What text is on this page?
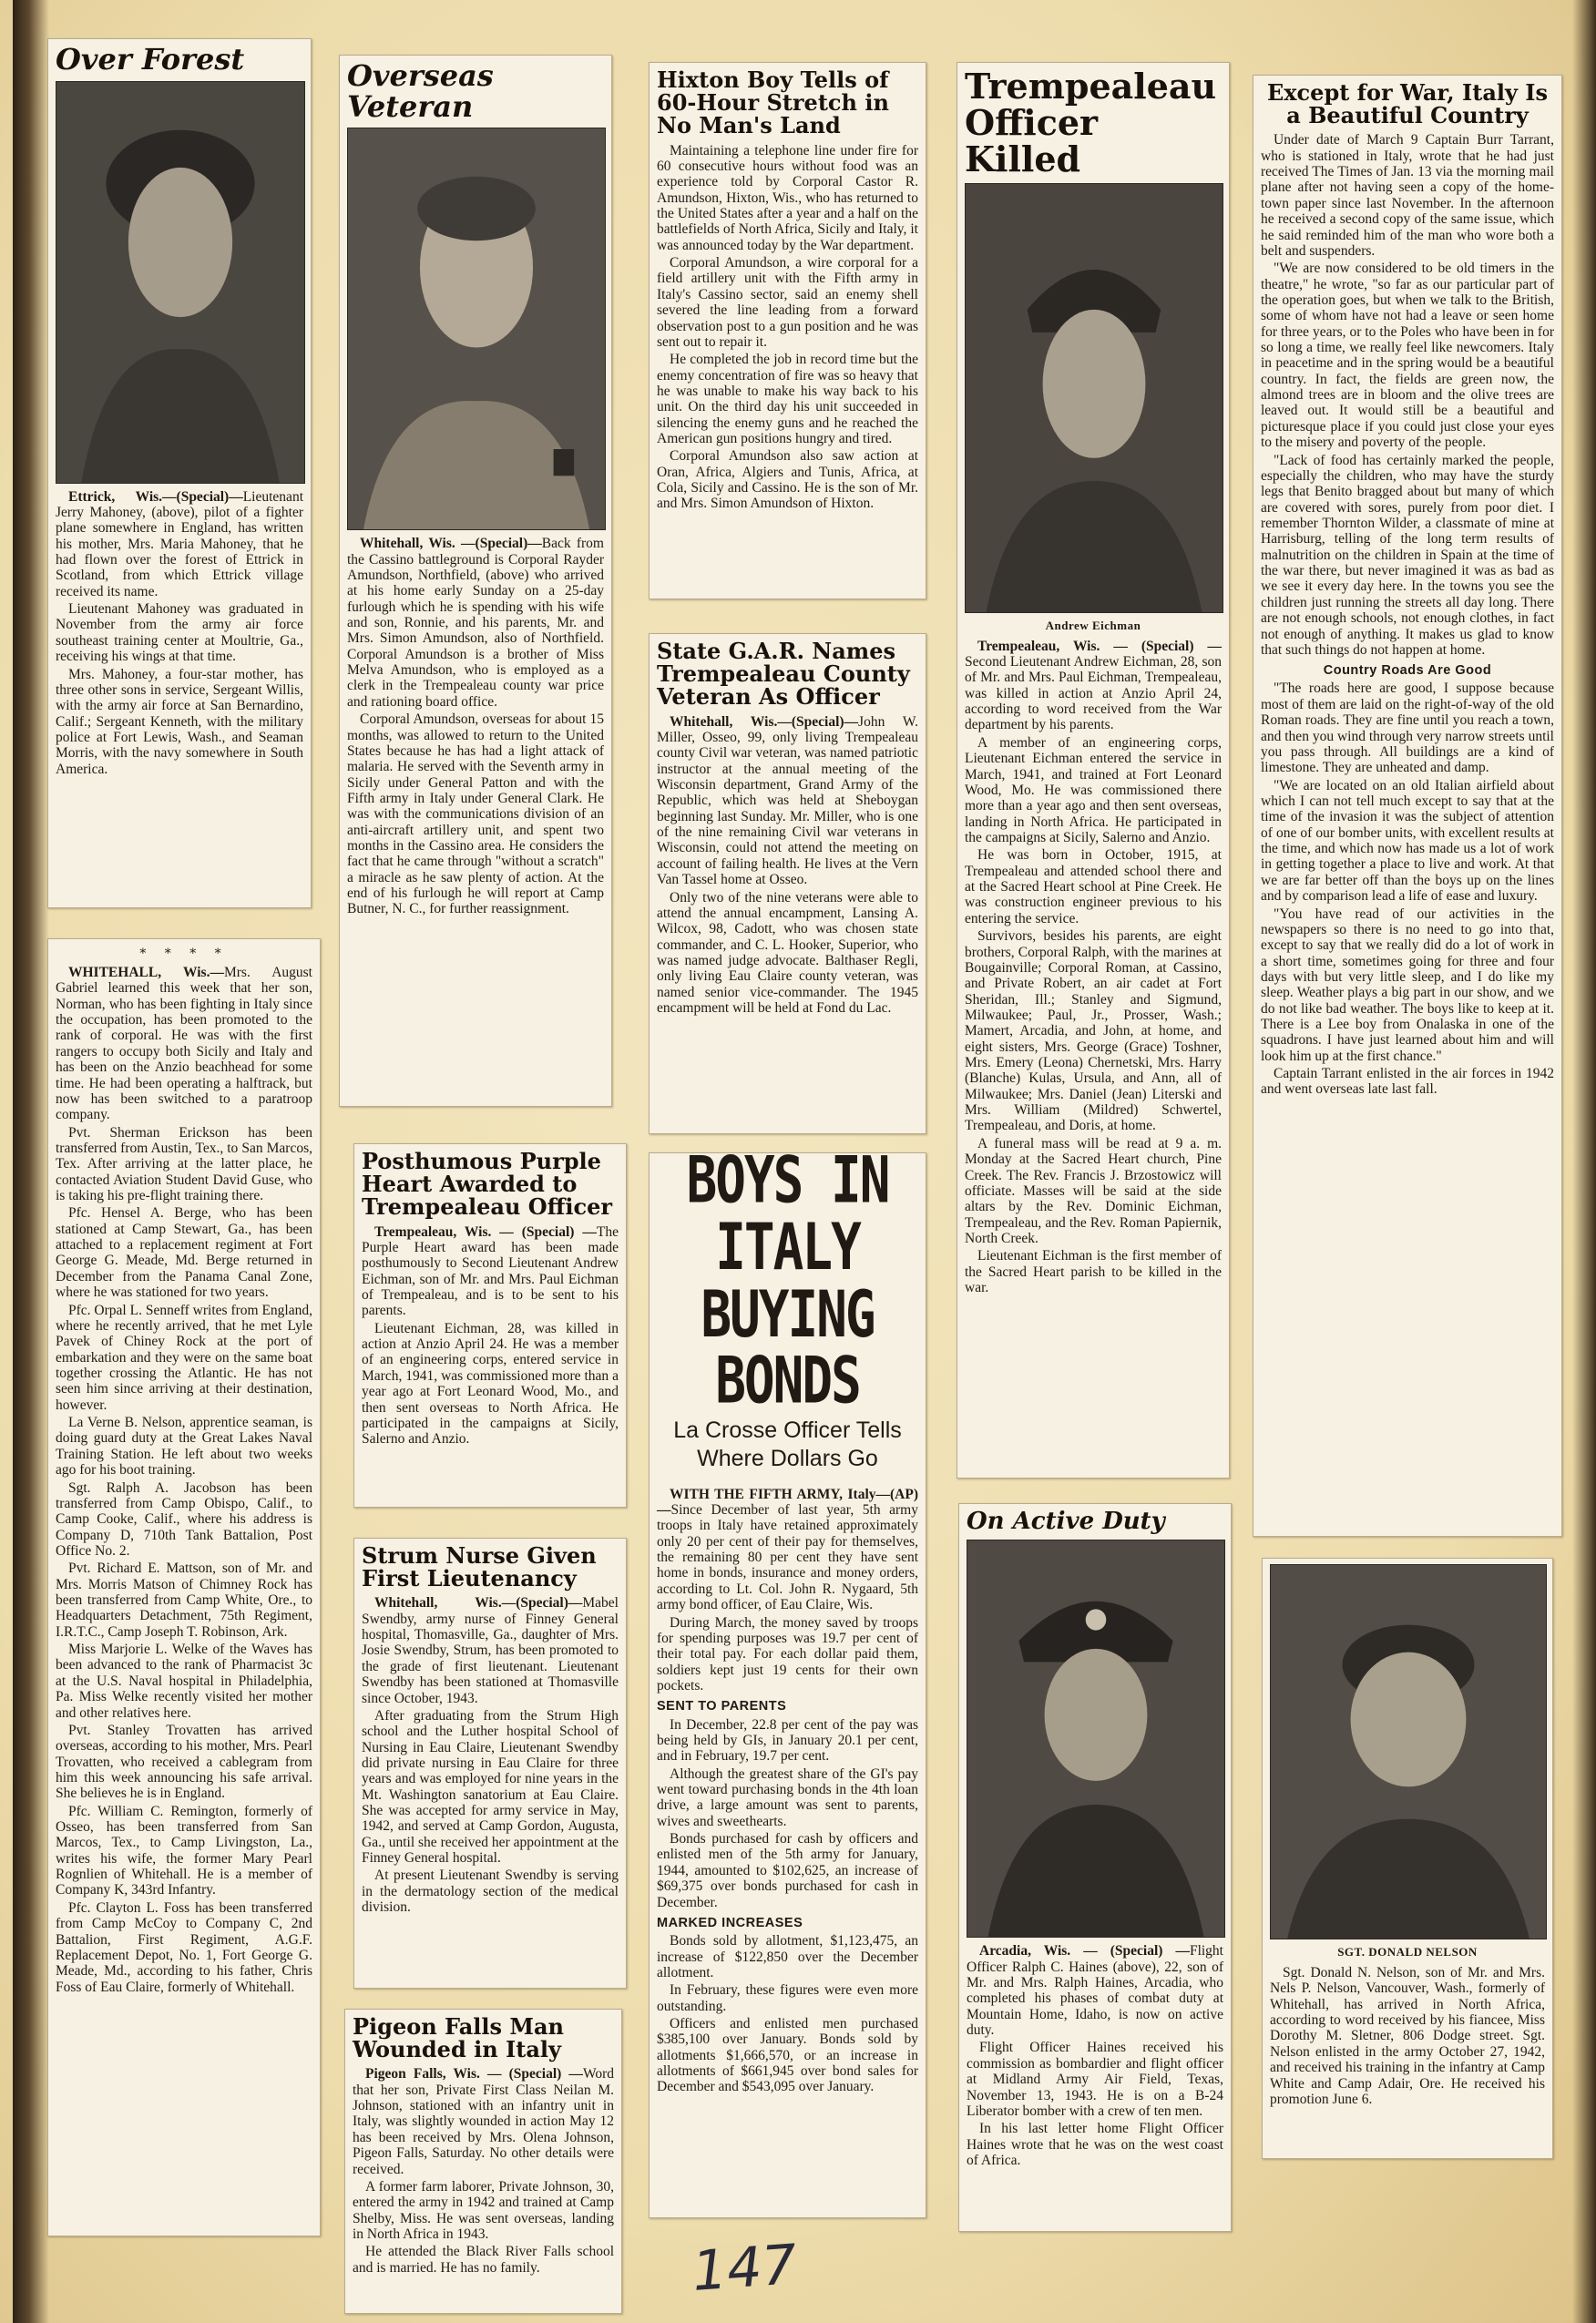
Over Forest

Ettrick, Wis.—(Special)—Lieutenant Jerry Mahoney, (above), pilot of a fighter plane somewhere in England, has written his mother, Mrs. Maria Mahoney, that he had flown over the forest of Ettrick in Scotland, from which Ettrick village received its name.

Lieutenant Mahoney was graduated in November from the army air force southeast training center at Moultrie, Ga., receiving his wings at that time.

Mrs. Mahoney, a four-star mother, has three other sons in service, Sergeant Willis, with the army air force at San Bernardino, Calif.; Sergeant Kenneth, with the military police at Fort Lewis, Wash., and Seaman Morris, with the navy somewhere in South America.

* * * *

WHITEHALL, Wis.—Mrs. August Gabriel learned this week that her son, Norman, who has been fighting in Italy since the occupation, has been promoted to the rank of corporal. He was with the first rangers to occupy both Sicily and Italy and has been on the Anzio beachhead for some time. He had been operating a halftrack, but now has been switched to a paratroop company.

Pvt. Sherman Erickson has been transferred from Austin, Tex., to San Marcos, Tex. After arriving at the latter place, he contacted Aviation Student David Guse, who is taking his pre-flight training there.

Pfc. Hensel A. Berge, who has been stationed at Camp Stewart, Ga., has been attached to a replacement regiment at Fort George G. Meade, Md. Berge returned in December from the Panama Canal Zone, where he was stationed for two years.

Pfc. Orpal L. Senneff writes from England, where he recently arrived, that he met Lyle Pavek of Chiney Rock at the port of embarkation and they were on the same boat together crossing the Atlantic. He has not seen him since arriving at their destination, however.

La Verne B. Nelson, apprentice seaman, is doing guard duty at the Great Lakes Naval Training Station. He left about two weeks ago for his boot training.

Sgt. Ralph A. Jacobson has been transferred from Camp Obispo, Calif., to Camp Cooke, Calif., where his address is Company D, 710th Tank Battalion, Post Office No. 2.

Pvt. Richard E. Mattson, son of Mr. and Mrs. Morris Matson of Chimney Rock has been transferred from Camp White, Ore., to Headquarters Detachment, 75th Regiment, I.R.T.C., Camp Joseph T. Robinson, Ark.

Miss Marjorie L. Welke of the Waves has been advanced to the rank of Pharmacist 3c at the U.S. Naval hospital in Philadelphia, Pa. Miss Welke recently visited her mother and other relatives here.

Pvt. Stanley Trovatten has arrived overseas, according to his mother, Mrs. Pearl Trovatten, who received a cablegram from him this week announcing his safe arrival. She believes he is in England.

Pfc. William C. Remington, formerly of Osseo, has been transferred from San Marcos, Tex., to Camp Livingston, La., writes his wife, the former Mary Pearl Rognlien of Whitehall. He is a member of Company K, 343rd Infantry.

Pfc. Clayton L. Foss has been transferred from Camp McCoy to Company C, 2nd Battalion, First Regiment, A.G.F. Replacement Depot, No. 1, Fort George G. Meade, Md., according to his father, Chris Foss of Eau Claire, formerly of Whitehall.

Overseas Veteran

Whitehall, Wis. —(Special)—Back from the Cassino battleground is Corporal Rayder Amundson, Northfield, (above) who arrived at his home early Sunday on a 25-day furlough which he is spending with his wife and son, Ronnie, and his parents, Mr. and Mrs. Simon Amundson, also of Northfield. Corporal Amundson is a brother of Miss Melva Amundson, who is employed as a clerk in the Trempealeau county war price and rationing board office.

Corporal Amundson, overseas for about 15 months, was allowed to return to the United States because he has had a light attack of malaria. He served with the Seventh army in Sicily under General Patton and with the Fifth army in Italy under General Clark. He was with the communications division of an anti-aircraft artillery unit, and spent two months in the Cassino area. He considers the fact that he came through "without a scratch" a miracle as he saw plenty of action. At the end of his furlough he will report at Camp Butner, N. C., for further reassignment.

Posthumous Purple Heart Awarded to Trempealeau Officer

Trempealeau, Wis. — (Special) —The Purple Heart award has been made posthumously to Second Lieutenant Andrew Eichman, son of Mr. and Mrs. Paul Eichman of Trempealeau, and is to be sent to his parents.

Lieutenant Eichman, 28, was killed in action at Anzio April 24. He was a member of an engineering corps, entered service in March, 1941, was commissioned more than a year ago at Fort Leonard Wood, Mo., and then sent overseas to North Africa. He participated in the campaigns at Sicily, Salerno and Anzio.

Strum Nurse Given First Lieutenancy

Whitehall, Wis.—(Special)—Mabel Swendby, army nurse of Finney General hospital, Thomasville, Ga., daughter of Mrs. Josie Swendby, Strum, has been promoted to the grade of first lieutenant. Lieutenant Swendby has been stationed at Thomasville since October, 1943.

After graduating from the Strum High school and the Luther hospital School of Nursing in Eau Claire, Lieutenant Swendby did private nursing in Eau Claire for three years and was employed for nine years in the Mt. Washington sanatorium at Eau Claire. She was accepted for army service in May, 1942, and served at Camp Gordon, Augusta, Ga., until she received her appointment at the Finney General hospital.

At present Lieutenant Swendby is serving in the dermatology section of the medical division.

Pigeon Falls Man Wounded in Italy

Pigeon Falls, Wis. — (Special) —Word that her son, Private First Class Neilan M. Johnson, stationed with an infantry unit in Italy, was slightly wounded in action May 12 has been received by Mrs. Olena Johnson, Pigeon Falls, Saturday. No other details were received.

A former farm laborer, Private Johnson, 30, entered the army in 1942 and trained at Camp Shelby, Miss. He was sent overseas, landing in North Africa in 1943.

He attended the Black River Falls school and is married. He has no family.

Hixton Boy Tells of 60-Hour Stretch in No Man's Land

Maintaining a telephone line under fire for 60 consecutive hours without food was an experience told by Corporal Castor R. Amundson, Hixton, Wis., who has returned to the United States after a year and a half on the battlefields of North Africa, Sicily and Italy, it was announced today by the War department.

Corporal Amundson, a wire corporal for a field artillery unit with the Fifth army in Italy's Cassino sector, said an enemy shell severed the line leading from a forward observation post to a gun position and he was sent out to repair it.

He completed the job in record time but the enemy concentration of fire was so heavy that he was unable to make his way back to his unit. On the third day his unit succeeded in silencing the enemy guns and he reached the American gun positions hungry and tired.

Corporal Amundson also saw action at Oran, Africa, Algiers and Tunis, Africa, at Cola, Sicily and Cassino. He is the son of Mr. and Mrs. Simon Amundson of Hixton.

State G.A.R. Names Trempealeau County Veteran As Officer

Whitehall, Wis.—(Special)—John W. Miller, Osseo, 99, only living Trempealeau county Civil war veteran, was named patriotic instructor at the annual meeting of the Wisconsin department, Grand Army of the Republic, which was held at Sheboygan beginning last Sunday. Mr. Miller, who is one of the nine remaining Civil war veterans in Wisconsin, could not attend the meeting on account of failing health. He lives at the Vern Van Tassel home at Osseo.

Only two of the nine veterans were able to attend the annual encampment, Lansing A. Wilcox, 98, Cadott, who was chosen state commander, and C. L. Hooker, Superior, who was named judge advocate. Balthaser Regli, only living Eau Claire county veteran, was named senior vice-commander. The 1945 encampment will be held at Fond du Lac.

BOYS IN ITALY
BUYING BONDS
La Crosse Officer Tells Where Dollars Go

WITH THE FIFTH ARMY, Italy—(AP)—Since December of last year, 5th army troops in Italy have retained approximately only 20 per cent of their pay for themselves, the remaining 80 per cent they have sent home in bonds, insurance and money orders, according to Lt. Col. John R. Nygaard, 5th army bond officer, of Eau Claire, Wis.

During March, the money saved by troops for spending purposes was 19.7 per cent of their total pay. For each dollar paid them, soldiers kept just 19 cents for their own pockets.

SENT TO PARENTS

In December, 22.8 per cent of the pay was being held by GIs, in January 20.1 per cent, and in February, 19.7 per cent.

Although the greatest share of the GI's pay went toward purchasing bonds in the 4th loan drive, a large amount was sent to parents, wives and sweethearts.

Bonds purchased for cash by officers and enlisted men of the 5th army for January, 1944, amounted to $102,625, an increase of $69,375 over bonds purchased for cash in December.

MARKED INCREASES

Bonds sold by allotment, $1,123,475, an increase of $122,850 over the December allotment.

In February, these figures were even more outstanding.

Officers and enlisted men purchased $385,100 over January. Bonds sold by allotments $1,666,570, or an increase in allotments of $661,945 over bond sales for December and $543,095 over January.

Trempealeau Officer Killed
Andrew Eichman

Trempealeau, Wis. — (Special) —Second Lieutenant Andrew Eichman, 28, son of Mr. and Mrs. Paul Eichman, Trempealeau, was killed in action at Anzio April 24, according to word received from the War department by his parents.

A member of an engineering corps, Lieutenant Eichman entered the service in March, 1941, and trained at Fort Leonard Wood, Mo. He was commissioned there more than a year ago and then sent overseas, landing in North Africa. He participated in the campaigns at Sicily, Salerno and Anzio.

He was born in October, 1915, at Trempealeau and attended school there and at the Sacred Heart school at Pine Creek. He was construction engineer previous to his entering the service.

Survivors, besides his parents, are eight brothers, Corporal Ralph, with the marines at Bougainville; Corporal Roman, at Cassino, and Private Robert, an air cadet at Fort Sheridan, Ill.; Stanley and Sigmund, Milwaukee; Paul, Jr., Prosser, Wash.; Mamert, Arcadia, and John, at home, and eight sisters, Mrs. George (Grace) Toshner, Mrs. Emery (Leona) Chernetski, Mrs. Harry (Blanche) Kulas, Ursula, and Ann, all of Milwaukee; Mrs. Daniel (Jean) Literski and Mrs. William (Mildred) Schwertel, Trempealeau, and Doris, at home.

A funeral mass will be read at 9 a. m. Monday at the Sacred Heart church, Pine Creek. The Rev. Francis J. Brzostowicz will officiate. Masses will be said at the side altars by the Rev. Dominic Eichman, Trempealeau, and the Rev. Roman Papiernik, North Creek.

Lieutenant Eichman is the first member of the Sacred Heart parish to be killed in the war.

On Active Duty

Arcadia, Wis. — (Special) —Flight Officer Ralph C. Haines (above), 22, son of Mr. and Mrs. Ralph Haines, Arcadia, who completed his phases of combat duty at Mountain Home, Idaho, is now on active duty.

Flight Officer Haines received his commission as bombardier and flight officer at Midland Army Air Field, Texas, November 13, 1943. He is on a B-24 Liberator bomber with a crew of ten men.

In his last letter home Flight Officer Haines wrote that he was on the west coast of Africa.

Except for War, Italy Is a Beautiful Country

Under date of March 9 Captain Burr Tarrant, who is stationed in Italy, wrote that he had just received The Times of Jan. 13 via the morning mail plane after not having seen a copy of the home-town paper since last November. In the afternoon he received a second copy of the same issue, which he said reminded him of the man who wore both a belt and suspenders.

"We are now considered to be old timers in the theatre," he wrote, "so far as our particular part of the operation goes, but when we talk to the British, some of whom have not had a leave or seen home for three years, or to the Poles who have been in for so long a time, we really feel like newcomers. Italy in peacetime and in the spring would be a beautiful country. In fact, the fields are green now, the almond trees are in bloom and the olive trees are leaved out. It would still be a beautiful and picturesque place if you could just close your eyes to the misery and poverty of the people.

"Lack of food has certainly marked the people, especially the children, who may have the sturdy legs that Benito bragged about but many of which are covered with sores, purely from poor diet. I remember Thornton Wilder, a classmate of mine at Harrisburg, telling of the long term results of malnutrition on the children in Spain at the time of the war there, but never imagined it was as bad as we see it every day here. In the towns you see the children just running the streets all day long. There are not enough schools, not enough clothes, in fact not enough of anything. It makes us glad to know that such things do not happen at home.

Country Roads Are Good

"The roads here are good, I suppose because most of them are laid on the right-of-way of the old Roman roads. They are fine until you reach a town, and then you wind through very narrow streets until you pass through. All buildings are a kind of limestone. They are unheated and damp.

"We are located on an old Italian airfield about which I can not tell much except to say that at the time of the invasion it was the subject of attention of one of our bomber units, with excellent results at the time, and which now has made us a lot of work in getting together a place to live and work. At that we are far better off than the boys up on the lines and by comparison lead a life of ease and luxury.

"You have read of our activities in the newspapers so there is no need to go into that, except to say that we really did do a lot of work in a short time, sometimes going for three and four days with but very little sleep, and I do like my sleep. Weather plays a big part in our show, and we do not like bad weather. The boys like to keep at it. There is a Lee boy from Onalaska in one of the squadrons. I have just learned about him and will look him up at the first chance."

Captain Tarrant enlisted in the air forces in 1942 and went overseas late last fall.

SGT. DONALD NELSON

Sgt. Donald N. Nelson, son of Mr. and Mrs. Nels P. Nelson, Vancouver, Wash., formerly of Whitehall, has arrived in North Africa, according to word received by his fiancee, Miss Dorothy M. Sletner, 806 Dodge street. Sgt. Nelson enlisted in the army October 27, 1942, and received his training in the infantry at Camp White and Camp Adair, Ore. He received his promotion June 6.

147
